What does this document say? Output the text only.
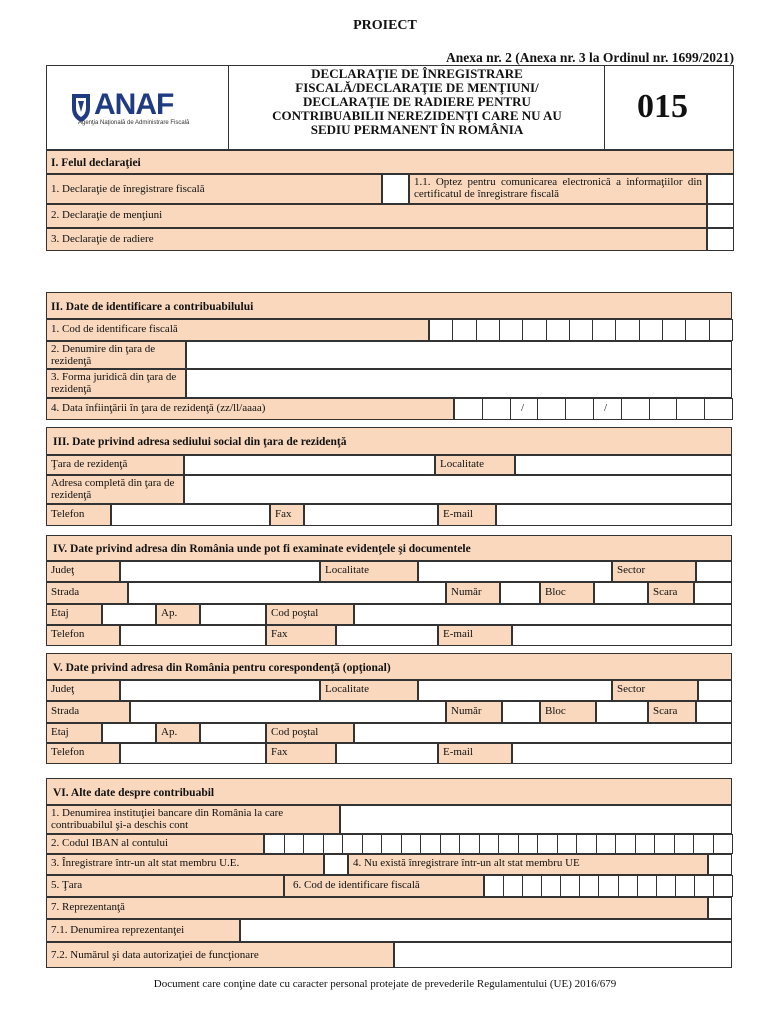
PROIECT
Anexa nr. 2 (Anexa nr. 3 la Ordinul nr. 1699/2021)
ANAF
Agenţia Naţională de Administrare Fiscală
DECLARAŢIE DE ÎNREGISTRARE
FISCALĂ/DECLARAŢIE DE MENŢIUNI/
DECLARAŢIE DE RADIERE PENTRU
CONTRIBUABILII NEREZIDENŢI CARE NU AU
SEDIU PERMANENT ÎN ROMÂNIA
015
I. Felul declaraţiei
1. Declaraţie de înregistrare fiscală
1.1. Optez pentru comunicarea electronică a informaţiilor din certificatul de înregistrare fiscală
2. Declaraţie de menţiuni
3. Declaraţie de radiere
II. Date de identificare a contribuabilului
1. Cod de identificare fiscală
2. Denumire din ţara de rezidenţă
3. Forma juridică din ţara de rezidenţă
4. Data înfiinţării în ţara de rezidenţă (zz/ll/aaaa)	/	/
III. Date privind adresa sediului social din ţara de rezidenţă
Ţara de rezidenţă	Localitate
Adresa completă din ţara de rezidenţă
Telefon	Fax	E-mail
IV. Date privind adresa din România unde pot fi examinate evidenţele şi documentele
Judeţ	Localitate	Sector
Strada	Număr	Bloc	Scara
Etaj	Ap.	Cod poştal
Telefon	Fax	E-mail
V. Date privind adresa din România pentru corespondenţă (opţional)
Judeţ	Localitate	Sector
Strada	Număr	Bloc	Scara
Etaj	Ap.	Cod poştal
Telefon	Fax	E-mail
VI. Alte date despre contribuabil
1. Denumirea instituţiei bancare din România la care contribuabilul şi-a deschis cont
2. Codul IBAN al contului
3. Înregistrare într-un alt stat membru U.E.	4. Nu există înregistrare într-un alt stat membru UE
5. Ţara	6. Cod de identificare fiscală
7. Reprezentanţă
7.1. Denumirea reprezentanţei
7.2. Numărul şi data autorizaţiei de funcţionare
Document care conţine date cu caracter personal protejate de prevederile Regulamentului (UE) 2016/679
